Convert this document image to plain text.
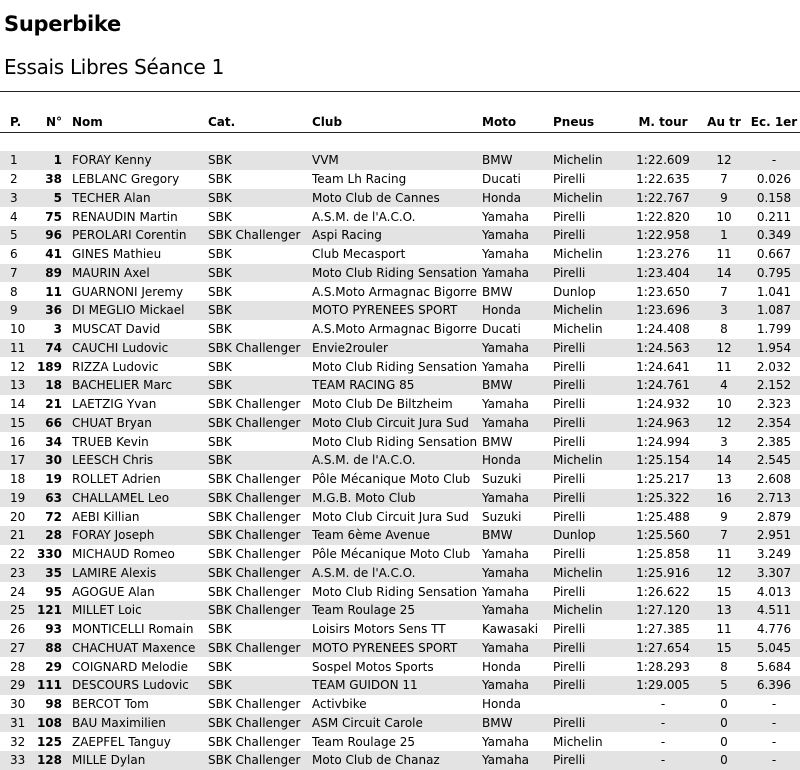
Superbike
Essais Libres Séance 1
P.	N°	Nom	Cat.	Club	Moto	Pneus	M. tour	Au tr	Ec. 1er

1	1	FORAY Kenny	SBK	VVM	BMW	Michelin	1:22.609	12	-
2	38	LEBLANC Gregory	SBK	Team Lh Racing	Ducati	Pirelli	1:22.635	7	0.026
3	5	TECHER Alan	SBK	Moto Club de Cannes	Honda	Michelin	1:22.767	9	0.158
4	75	RENAUDIN Martin	SBK	A.S.M. de l'A.C.O.	Yamaha	Pirelli	1:22.820	10	0.211
5	96	PEROLARI Corentin	SBK Challenger	Aspi Racing	Yamaha	Pirelli	1:22.958	1	0.349
6	41	GINES Mathieu	SBK	Club Mecasport	Yamaha	Michelin	1:23.276	11	0.667
7	89	MAURIN Axel	SBK	Moto Club Riding Sensation	Yamaha	Pirelli	1:23.404	14	0.795
8	11	GUARNONI Jeremy	SBK	A.S.Moto Armagnac Bigorre	BMW	Dunlop	1:23.650	7	1.041
9	36	DI MEGLIO Mickael	SBK	MOTO PYRENEES SPORT	Honda	Michelin	1:23.696	3	1.087
10	3	MUSCAT David	SBK	A.S.Moto Armagnac Bigorre	Ducati	Michelin	1:24.408	8	1.799
11	74	CAUCHI Ludovic	SBK Challenger	Envie2rouler	Yamaha	Pirelli	1:24.563	12	1.954
12	189	RIZZA Ludovic	SBK	Moto Club Riding Sensation	Yamaha	Pirelli	1:24.641	11	2.032
13	18	BACHELIER Marc	SBK	TEAM RACING 85	BMW	Pirelli	1:24.761	4	2.152
14	21	LAETZIG Yvan	SBK Challenger	Moto Club De Biltzheim	Yamaha	Pirelli	1:24.932	10	2.323
15	66	CHUAT Bryan	SBK Challenger	Moto Club Circuit Jura Sud	Yamaha	Pirelli	1:24.963	12	2.354
16	34	TRUEB Kevin	SBK	Moto Club Riding Sensation	BMW	Pirelli	1:24.994	3	2.385
17	30	LEESCH Chris	SBK	A.S.M. de l'A.C.O.	Honda	Michelin	1:25.154	14	2.545
18	19	ROLLET Adrien	SBK Challenger	Pôle Mécanique Moto Club	Suzuki	Pirelli	1:25.217	13	2.608
19	63	CHALLAMEL Leo	SBK Challenger	M.G.B. Moto Club	Yamaha	Pirelli	1:25.322	16	2.713
20	72	AEBI Killian	SBK Challenger	Moto Club Circuit Jura Sud	Suzuki	Pirelli	1:25.488	9	2.879
21	28	FORAY Joseph	SBK Challenger	Team 6ème Avenue	BMW	Dunlop	1:25.560	7	2.951
22	330	MICHAUD Romeo	SBK Challenger	Pôle Mécanique Moto Club	Yamaha	Pirelli	1:25.858	11	3.249
23	35	LAMIRE Alexis	SBK Challenger	A.S.M. de l'A.C.O.	Yamaha	Michelin	1:25.916	12	3.307
24	95	AGOGUE Alan	SBK Challenger	Moto Club Riding Sensation	Yamaha	Pirelli	1:26.622	15	4.013
25	121	MILLET Loic	SBK Challenger	Team Roulage 25	Yamaha	Michelin	1:27.120	13	4.511
26	93	MONTICELLI Romain	SBK	Loisirs Motors Sens TT	Kawasaki	Pirelli	1:27.385	11	4.776
27	88	CHACHUAT Maxence	SBK Challenger	MOTO PYRENEES SPORT	Yamaha	Pirelli	1:27.654	15	5.045
28	29	COIGNARD Melodie	SBK	Sospel Motos Sports	Honda	Pirelli	1:28.293	8	5.684
29	111	DESCOURS Ludovic	SBK	TEAM GUIDON 11	Yamaha	Pirelli	1:29.005	5	6.396
30	98	BERCOT Tom	SBK Challenger	Activbike	Honda		-	0	-
31	108	BAU Maximilien	SBK Challenger	ASM Circuit Carole	BMW	Pirelli	-	0	-
32	125	ZAEPFEL Tanguy	SBK Challenger	Team Roulage 25	Yamaha	Michelin	-	0	-
33	128	MILLE Dylan	SBK Challenger	Moto Club de Chanaz	Yamaha	Pirelli	-	0	-
